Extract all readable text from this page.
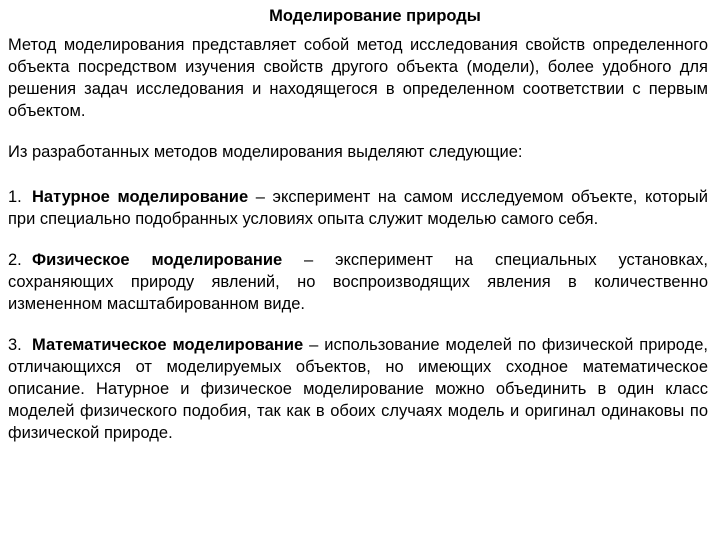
Моделирование природы

Метод моделирования представляет собой метод исследования свойств определенного объекта посредством изучения свойств другого объекта (модели), более удобного для решения задач исследования и находящегося в определенном соответствии с первым объектом.

Из разработанных методов моделирования выделяют следующие:

1. Натурное моделирование – эксперимент на самом исследуемом объекте, который при специально подобранных условиях опыта служит моделью самого себя.

2. Физическое моделирование – эксперимент на специальных установках, сохраняющих природу явлений, но воспроизводящих явления в количественно измененном масштабированном виде.

3. Математическое моделирование – использование моделей по физической природе, отличающихся от моделируемых объектов, но имеющих сходное математическое описание. Натурное и физическое моделирование можно объединить в один класс моделей физического подобия, так как в обоих случаях модель и оригинал одинаковы по физической природе.
